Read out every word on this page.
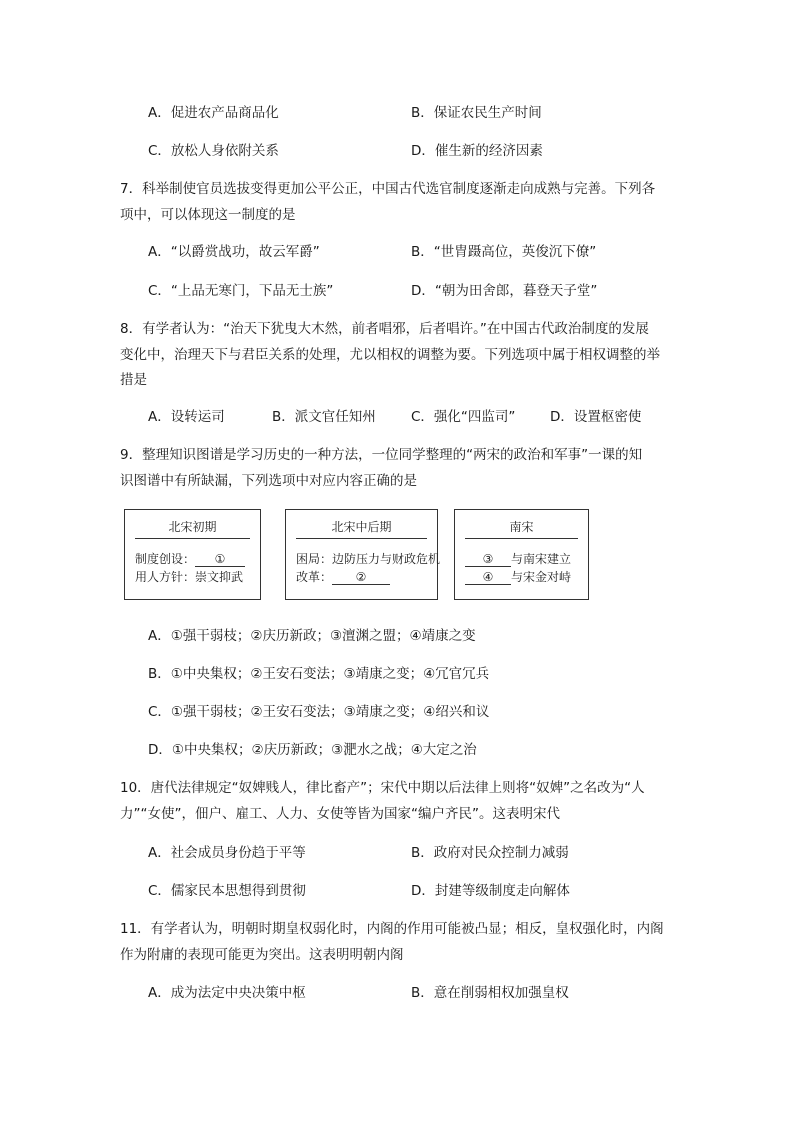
A．促进农产品商品化	B．保证农民生产时间
C．放松人身依附关系	D．催生新的经济因素
7．科举制使官员选拔变得更加公平公正，中国古代选官制度逐渐走向成熟与完善。下列各
项中，可以体现这一制度的是
A．“以爵赏战功，故云军爵”	B．“世胄蹑高位，英俊沉下僚”
C．“上品无寒门，下品无士族”	D．“朝为田舍郎，暮登天子堂”
8．有学者认为：“治天下犹曳大木然，前者唱邪，后者唱许。”在中国古代政治制度的发展
变化中，治理天下与君臣关系的处理，尤以相权的调整为要。下列选项中属于相权调整的举
措是
A．设转运司	B．派文官任知州	C．强化“四监司”	D．设置枢密使
9．整理知识图谱是学习历史的一种方法，一位同学整理的“两宋的政治和军事”一课的知
识图谱中有所缺漏，下列选项中对应内容正确的是
北宋初期
制度创设： ①
用人方针：崇文抑武
北宋中后期
困局：边防压力与财政危机
改革： ②
南宋
③ 与南宋建立
④ 与宋金对峙
A．①强干弱枝；②庆历新政；③澶渊之盟；④靖康之变
B．①中央集权；②王安石变法；③靖康之变；④冗官冗兵
C．①强干弱枝；②王安石变法；③靖康之变；④绍兴和议
D．①中央集权；②庆历新政；③淝水之战；④大定之治
10．唐代法律规定“奴婢贱人，律比畜产”；宋代中期以后法律上则将“奴婢”之名改为“人
力”“女使”，佃户、雇工、人力、女使等皆为国家“编户齐民”。这表明宋代
A．社会成员身份趋于平等	B．政府对民众控制力减弱
C．儒家民本思想得到贯彻	D．封建等级制度走向解体
11．有学者认为，明朝时期皇权弱化时，内阁的作用可能被凸显；相反，皇权强化时，内阁
作为附庸的表现可能更为突出。这表明明朝内阁
A．成为法定中央决策中枢	B．意在削弱相权加强皇权
